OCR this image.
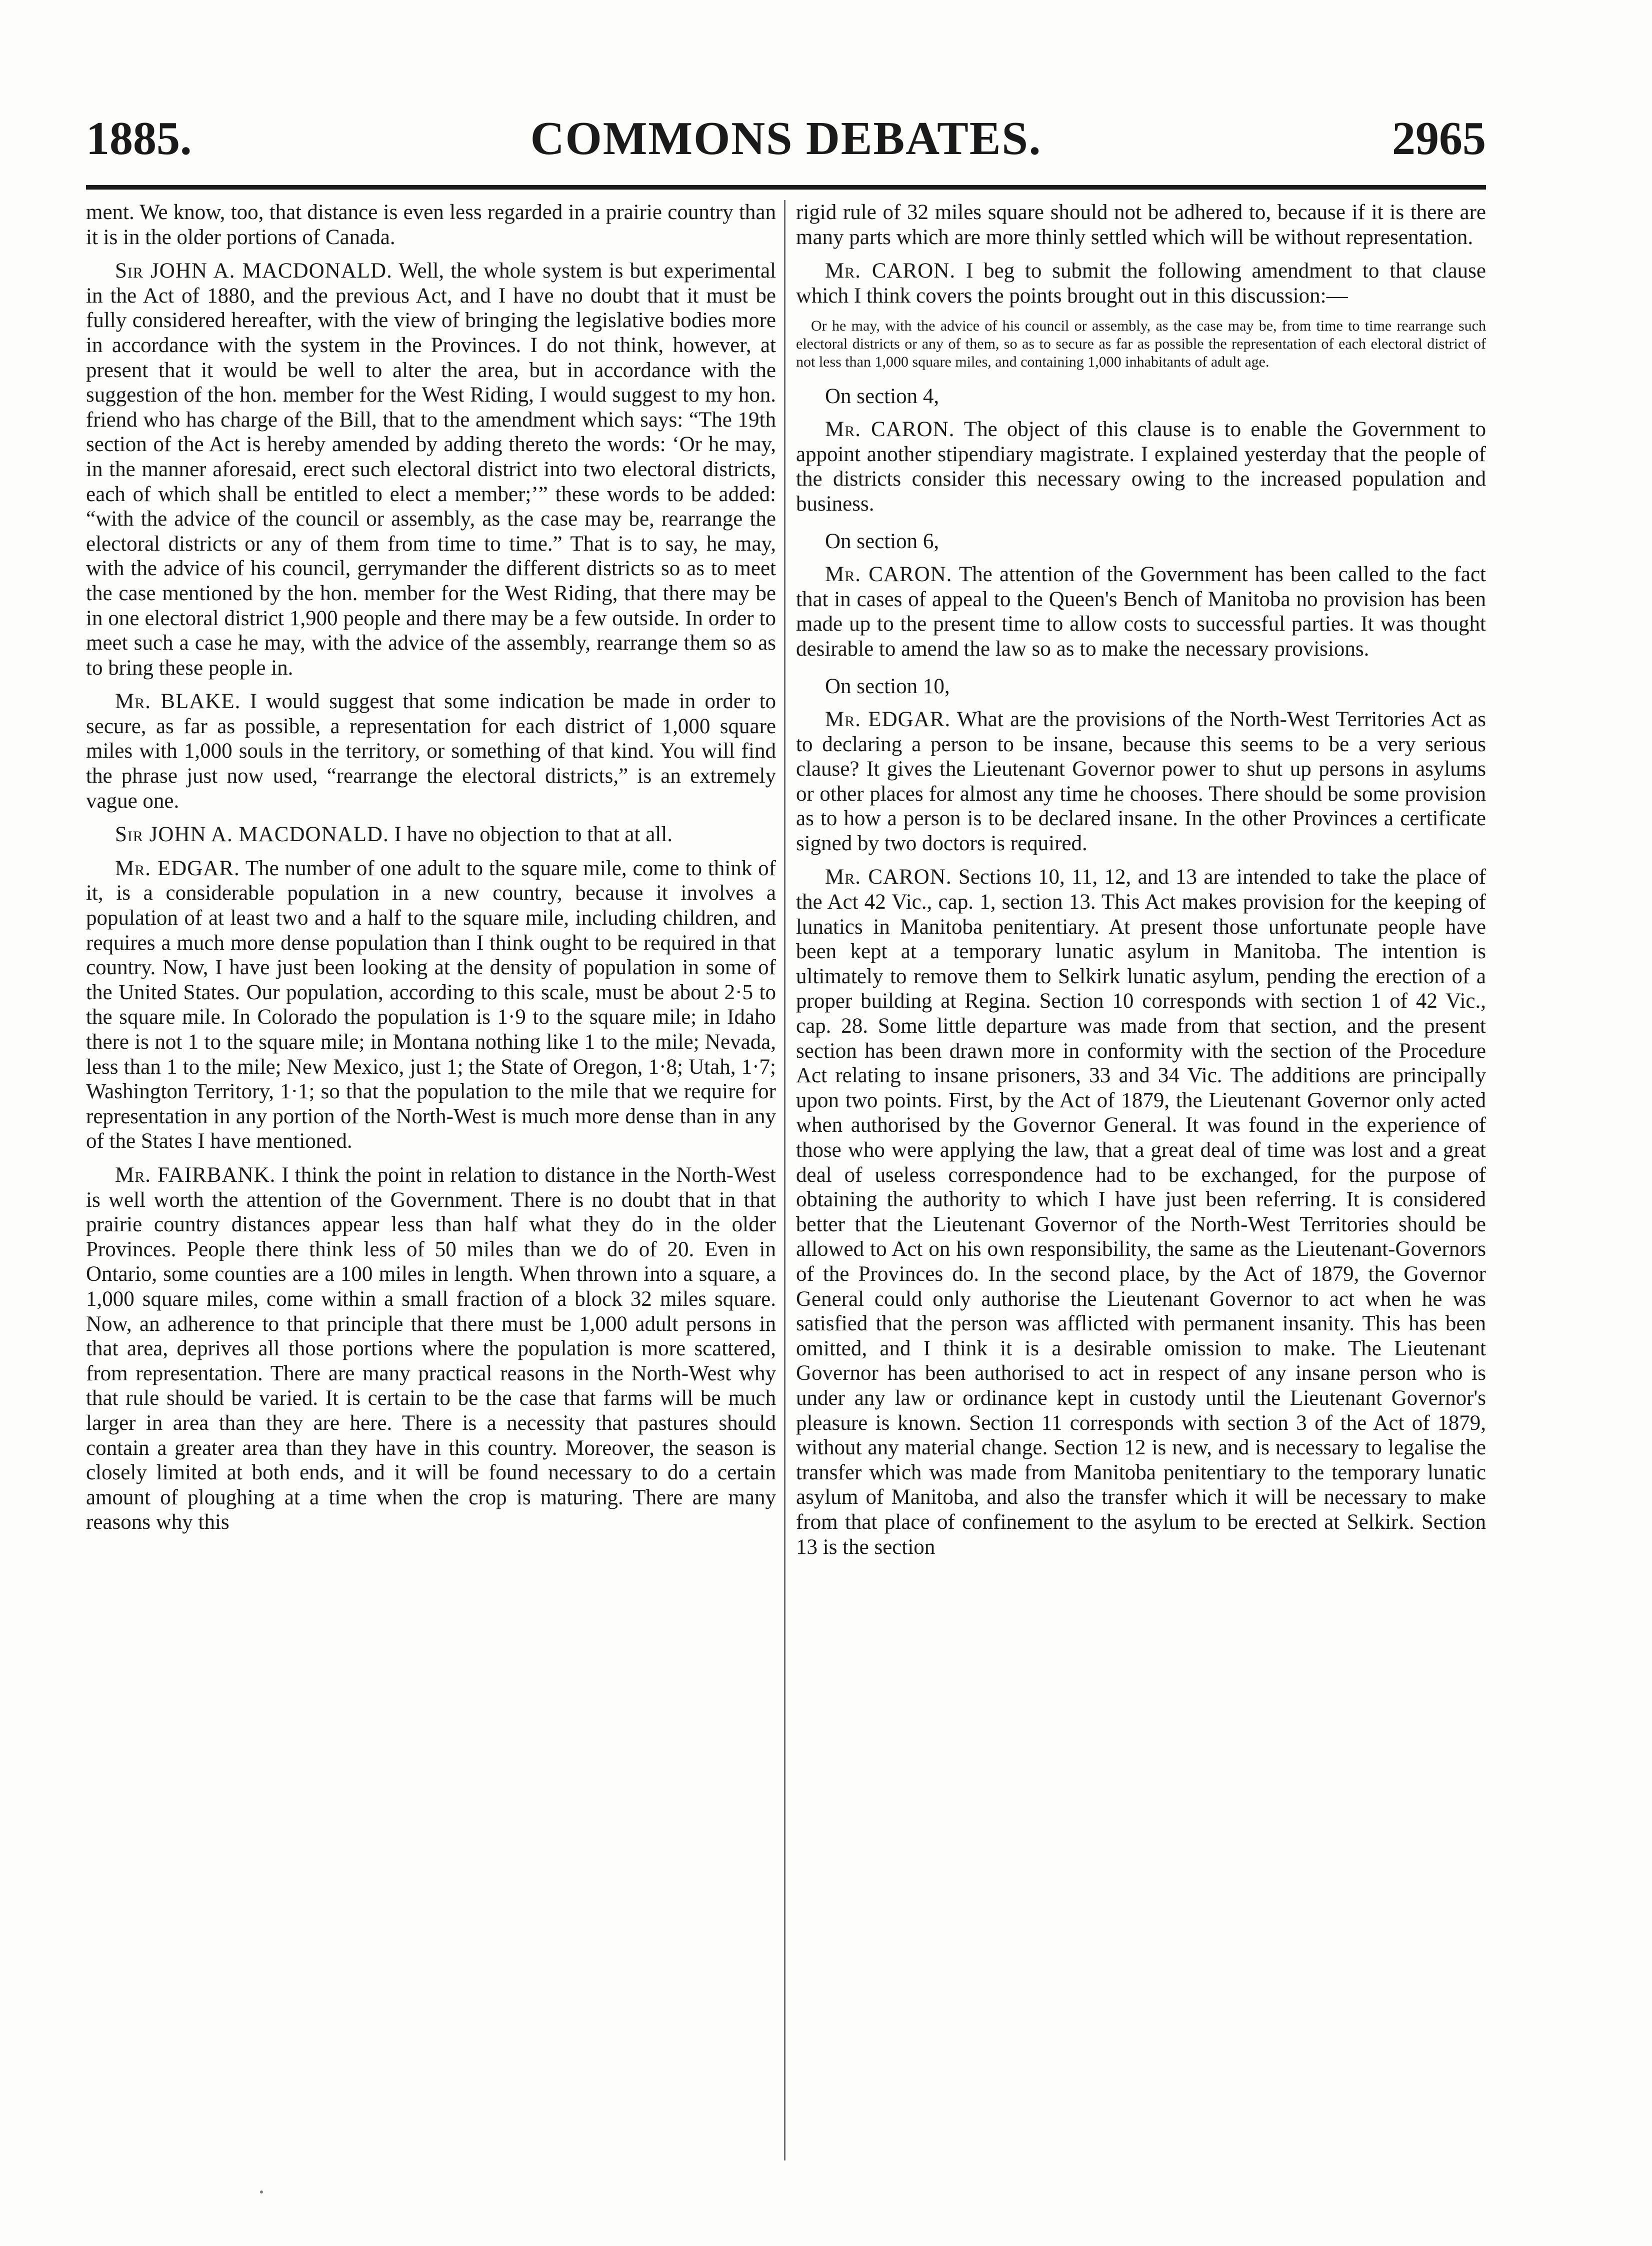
1885.	COMMONS DEBATES.	2965

ment. We know, too, that distance is even less regarded in a prairie country than it is in the older portions of Canada.

Sir JOHN A. MACDONALD. Well, the whole system is but experimental in the Act of 1880, and the previous Act, and I have no doubt that it must be fully considered hereafter, with the view of bringing the legislative bodies more in accordance with the system in the Provinces. I do not think, however, at present that it would be well to alter the area, but in accordance with the suggestion of the hon. member for the West Riding, I would suggest to my hon. friend who has charge of the Bill, that to the amendment which says: “The 19th section of the Act is hereby amended by adding thereto the words: ‘Or he may, in the manner aforesaid, erect such electoral district into two electoral districts, each of which shall be entitled to elect a member;’” these words to be added: “with the advice of the council or assembly, as the case may be, rearrange the electoral districts or any of them from time to time.” That is to say, he may, with the advice of his council, gerrymander the different districts so as to meet the case mentioned by the hon. member for the West Riding, that there may be in one electoral district 1,900 people and there may be a few outside. In order to meet such a case he may, with the advice of the assembly, rearrange them so as to bring these people in.

Mr. BLAKE. I would suggest that some indication be made in order to secure, as far as possible, a representation for each district of 1,000 square miles with 1,000 souls in the territory, or something of that kind. You will find the phrase just now used, “rearrange the electoral districts,” is an extremely vague one.

Sir JOHN A. MACDONALD. I have no objection to that at all.

Mr. EDGAR. The number of one adult to the square mile, come to think of it, is a considerable population in a new country, because it involves a population of at least two and a half to the square mile, including children, and requires a much more dense population than I think ought to be required in that country. Now, I have just been looking at the density of population in some of the United States. Our population, according to this scale, must be about 2·5 to the square mile. In Colorado the population is 1·9 to the square mile; in Idaho there is not 1 to the square mile; in Montana nothing like 1 to the mile; Nevada, less than 1 to the mile; New Mexico, just 1; the State of Oregon, 1·8; Utah, 1·7; Washington Territory, 1·1; so that the population to the mile that we require for representation in any portion of the North-West is much more dense than in any of the States I have mentioned.

Mr. FAIRBANK. I think the point in relation to distance in the North-West is well worth the attention of the Government. There is no doubt that in that prairie country distances appear less than half what they do in the older Provinces. People there think less of 50 miles than we do of 20. Even in Ontario, some counties are a 100 miles in length. When thrown into a square, a 1,000 square miles, come within a small fraction of a block 32 miles square. Now, an adherence to that principle that there must be 1,000 adult persons in that area, deprives all those portions where the population is more scattered, from representation. There are many practical reasons in the North-West why that rule should be varied. It is certain to be the case that farms will be much larger in area than they are here. There is a necessity that pastures should contain a greater area than they have in this country. Moreover, the season is closely limited at both ends, and it will be found necessary to do a certain amount of ploughing at a time when the crop is maturing. There are many reasons why this

rigid rule of 32 miles square should not be adhered to, because if it is there are many parts which are more thinly settled which will be without representation.

Mr. CARON. I beg to submit the following amendment to that clause which I think covers the points brought out in this discussion:—

Or he may, with the advice of his council or assembly, as the case may be, from time to time rearrange such electoral districts or any of them, so as to secure as far as possible the representation of each electoral district of not less than 1,000 square miles, and containing 1,000 inhabitants of adult age.

On section 4,

Mr. CARON. The object of this clause is to enable the Government to appoint another stipendiary magistrate. I explained yesterday that the people of the districts consider this necessary owing to the increased population and business.

On section 6,

Mr. CARON. The attention of the Government has been called to the fact that in cases of appeal to the Queen's Bench of Manitoba no provision has been made up to the present time to allow costs to successful parties. It was thought desirable to amend the law so as to make the necessary provisions.

On section 10,

Mr. EDGAR. What are the provisions of the North-West Territories Act as to declaring a person to be insane, because this seems to be a very serious clause? It gives the Lieutenant Governor power to shut up persons in asylums or other places for almost any time he chooses. There should be some provision as to how a person is to be declared insane. In the other Provinces a certificate signed by two doctors is required.

Mr. CARON. Sections 10, 11, 12, and 13 are intended to take the place of the Act 42 Vic., cap. 1, section 13. This Act makes provision for the keeping of lunatics in Manitoba penitentiary. At present those unfortunate people have been kept at a temporary lunatic asylum in Manitoba. The intention is ultimately to remove them to Selkirk lunatic asylum, pending the erection of a proper building at Regina. Section 10 corresponds with section 1 of 42 Vic., cap. 28. Some little departure was made from that section, and the present section has been drawn more in conformity with the section of the Procedure Act relating to insane prisoners, 33 and 34 Vic. The additions are principally upon two points. First, by the Act of 1879, the Lieutenant Governor only acted when authorised by the Governor General. It was found in the experience of those who were applying the law, that a great deal of time was lost and a great deal of useless correspondence had to be exchanged, for the purpose of obtaining the authority to which I have just been referring. It is considered better that the Lieutenant Governor of the North-West Territories should be allowed to Act on his own responsibility, the same as the Lieutenant-Governors of the Provinces do. In the second place, by the Act of 1879, the Governor General could only authorise the Lieutenant Governor to act when he was satisfied that the person was afflicted with permanent insanity. This has been omitted, and I think it is a desirable omission to make. The Lieutenant Governor has been authorised to act in respect of any insane person who is under any law or ordinance kept in custody until the Lieutenant Governor's pleasure is known. Section 11 corresponds with section 3 of the Act of 1879, without any material change. Section 12 is new, and is necessary to legalise the transfer which was made from Manitoba penitentiary to the temporary lunatic asylum of Manitoba, and also the transfer which it will be necessary to make from that place of confinement to the asylum to be erected at Selkirk. Section 13 is the section
